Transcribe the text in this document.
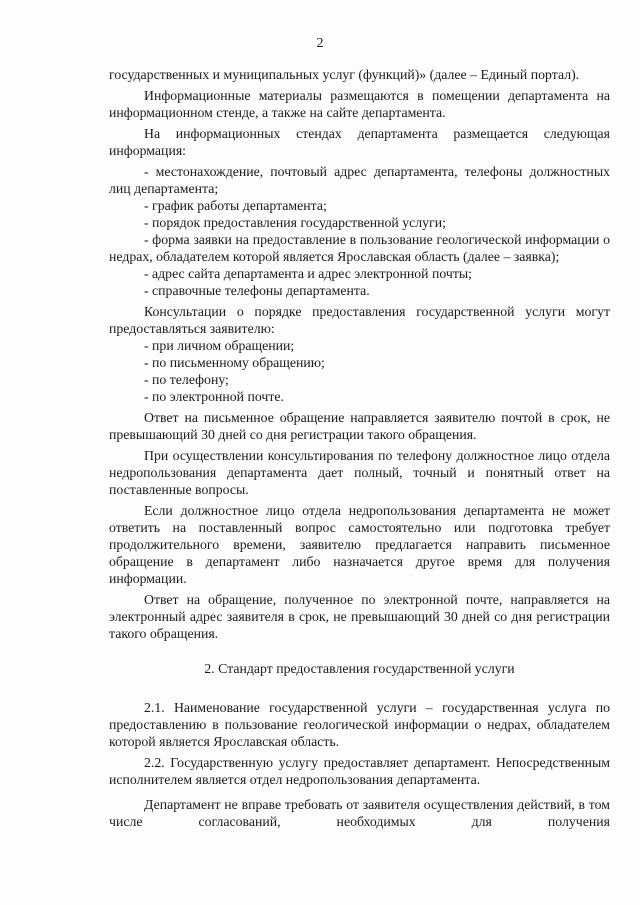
2

государственных и муниципальных услуг (функций)» (далее – Единый портал).

Информационные материалы размещаются в помещении департамента на информационном стенде, а также на сайте департамента.

На информационных стендах департамента размещается следующая информация:

- местонахождение, почтовый адрес департамента, телефоны должностных лиц департамента;

- график работы департамента;

- порядок предоставления государственной услуги;

- форма заявки на предоставление в пользование геологической информации о недрах, обладателем которой является Ярославская область (далее – заявка);

- адрес сайта департамента и адрес электронной почты;

- справочные телефоны департамента.

Консультации о порядке предоставления государственной услуги могут предоставляться заявителю:

- при личном обращении;

- по письменному обращению;

- по телефону;

- по электронной почте.

Ответ на письменное обращение направляется заявителю почтой в срок, не превышающий 30 дней со дня регистрации такого обращения.

При осуществлении консультирования по телефону должностное лицо отдела недропользования департамента дает полный, точный и понятный ответ на поставленные вопросы.

Если должностное лицо отдела недропользования департамента не может ответить на поставленный вопрос самостоятельно или подготовка требует продолжительного времени, заявителю предлагается направить письменное обращение в департамент либо назначается другое время для получения информации.

Ответ на обращение, полученное по электронной почте, направляется на электронный адрес заявителя в срок, не превышающий 30 дней со дня регистрации такого обращения.

2. Стандарт предоставления государственной услуги

2.1. Наименование государственной услуги – государственная услуга по предоставлению в пользование геологической информации о недрах, обладателем которой является Ярославская область.

2.2. Государственную услугу предоставляет департамент. Непосредственным исполнителем является отдел недропользования департамента.

Департамент не вправе требовать от заявителя осуществления действий, в том числе согласований, необходимых для получения
